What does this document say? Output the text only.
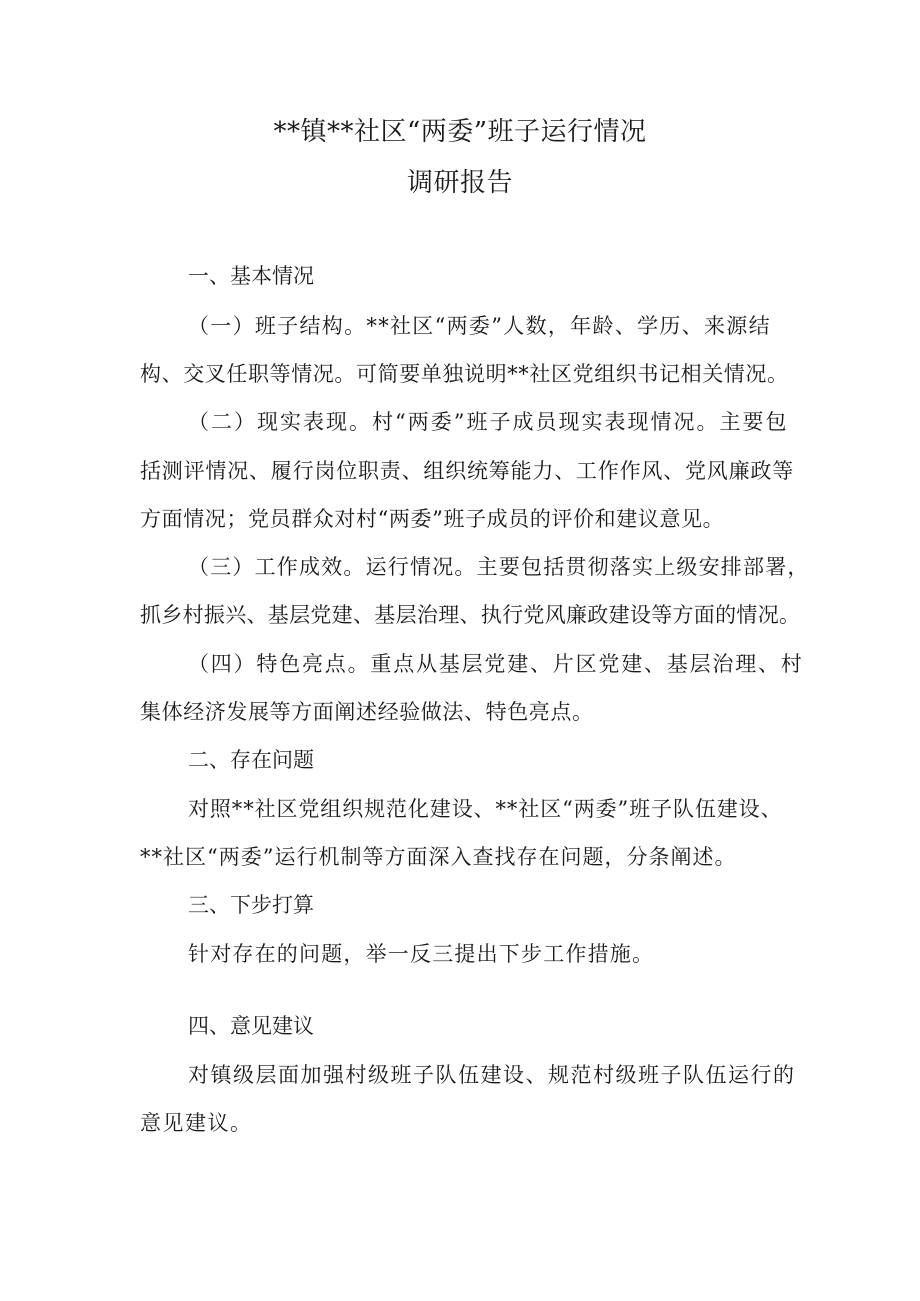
**镇**社区“两委”班子运行情况
调研报告
一、基本情况
（一）班子结构。**社区“两委”人数，年龄、学历、来源结
构、交叉任职等情况。可简要单独说明**社区党组织书记相关情况。
（二）现实表现。村“两委”班子成员现实表现情况。主要包
括测评情况、履行岗位职责、组织统筹能力、工作作风、党风廉政等
方面情况；党员群众对村“两委”班子成员的评价和建议意见。
（三）工作成效。运行情况。主要包括贯彻落实上级安排部署，
抓乡村振兴、基层党建、基层治理、执行党风廉政建设等方面的情况。
（四）特色亮点。重点从基层党建、片区党建、基层治理、村
集体经济发展等方面阐述经验做法、特色亮点。
二、存在问题
对照**社区党组织规范化建设、**社区“两委”班子队伍建设、
**社区“两委”运行机制等方面深入查找存在问题，分条阐述。
三、下步打算
针对存在的问题，举一反三提出下步工作措施。
四、意见建议
对镇级层面加强村级班子队伍建设、规范村级班子队伍运行的
意见建议。
